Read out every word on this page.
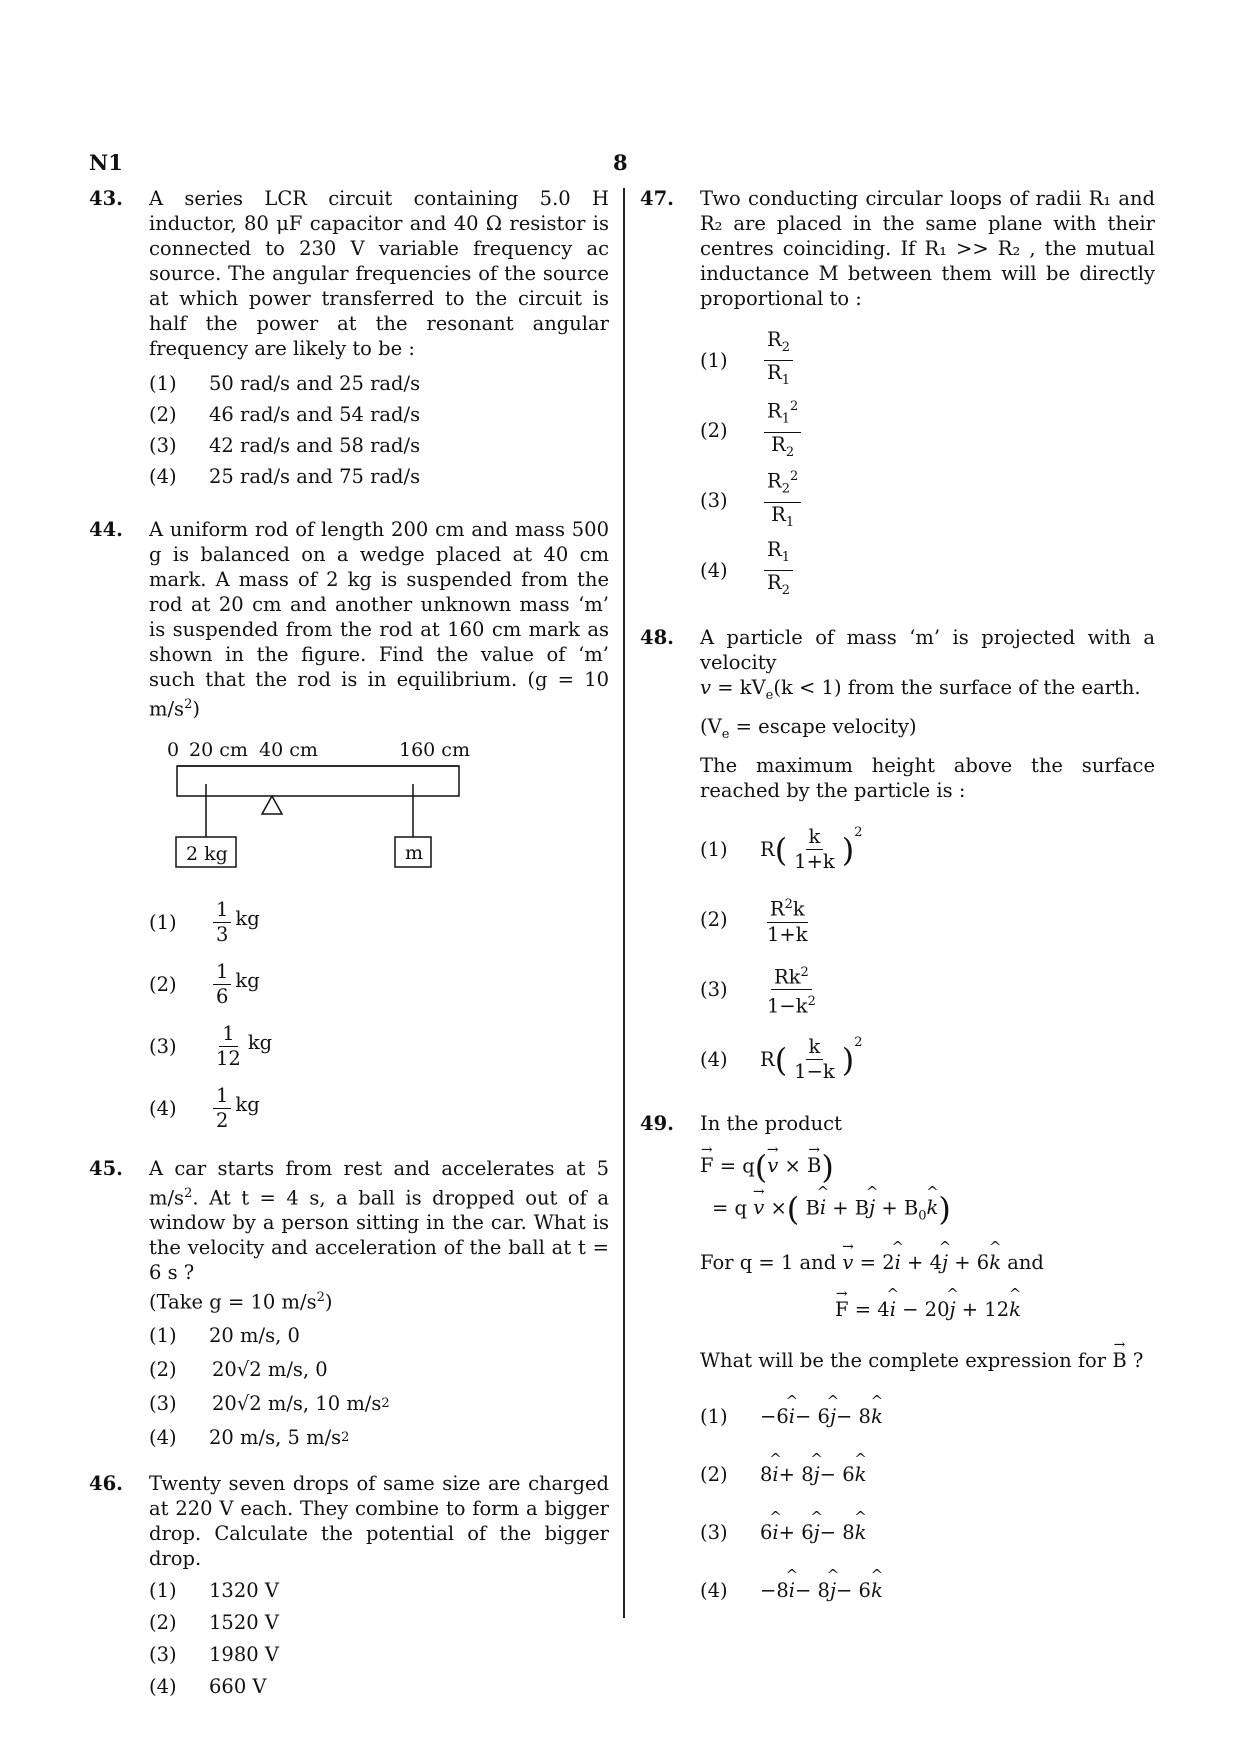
N1	8
43. A series LCR circuit containing 5.0 H inductor, 80 μF capacitor and 40 Ω resistor is connected to 230 V variable frequency ac source. The angular frequencies of the source at which power transferred to the circuit is half the power at the resonant angular frequency are likely to be :
(1)	50 rad/s and 25 rad/s
(2)	46 rad/s and 54 rad/s
(3)	42 rad/s and 58 rad/s
(4)	25 rad/s and 75 rad/s
44. A uniform rod of length 200 cm and mass 500 g is balanced on a wedge placed at 40 cm mark. A mass of 2 kg is suspended from the rod at 20 cm and another unknown mass ‘m’ is suspended from the rod at 160 cm mark as shown in the figure. Find the value of ‘m’ such that the rod is in equilibrium. (g = 10 $m/s^2$)
0 20 cm 40 cm	160 cm
2 kg	m
(1)	$\frac{1}{3}$ kg
(2)	$\frac{1}{6}$ kg
(3)	$\frac{1}{12}$ kg
(4)	$\frac{1}{2}$ kg
45. A car starts from rest and accelerates at 5 $m/s^2$. At t = 4 s, a ball is dropped out of a window by a person sitting in the car. What is the velocity and acceleration of the ball at t = 6 s ?
(Take g = 10 $m/s^2$)
(1)	20 m/s, 0
(2)	20√2 m/s, 0
(3)	20√2 m/s, 10 m/s 2
(4)	20 m/s, 5 m/s 2
46. Twenty seven drops of same size are charged at 220 V each. They combine to form a bigger drop. Calculate the potential of the bigger drop.
(1)	1320 V
(2)	1520 V
(3)	1980 V
(4)	660 V
47. Two conducting circular loops of radii R₁ and R₂ are placed in the same plane with their centres coinciding. If R₁ >> R₂ , the mutual inductance M between them will be directly proportional to :
(1)	$\frac{R_2}{R_1}$
(2)	$\frac{R_1^2}{R_2}$
(3)	$\frac{R_2^2}{R_1}$
(4)	$\frac{R_1}{R_2}$
48. A particle of mass ‘m’ is projected with a velocity
$v = kV_e(k < 1)$ from the surface of the earth.
($V_e$ = escape velocity)
The maximum height above the surface reached by the particle is :
(1)	R ( $\frac{k}{1+k} )^2$
(2)	$\frac{R^2k}{1+k}$
(3)	$\frac{Rk^2}{1-k^2}$
(4)	R ( $\frac{k}{1-k} )^2$
49. In the product
→ F = q(→ v × → B)
= q → v ×( B^ i + B^ $j + B_0\^{}$ k)
For q = 1 and → v = 2^ i + 4^ j + 6^ k and
→ F = 4^ i − 20^ j + 12^ k
What will be the complete expression for → B ?
(1)	−6 ^ i − 6 ^ j − 8 ^ k
(2)	8 ^ i + 8 ^ j − 6 ^ k
(3)	6 ^ i + 6 ^ j − 8 ^ k
(4)	−8 ^ i − 8 ^ j − 6 ^ k
